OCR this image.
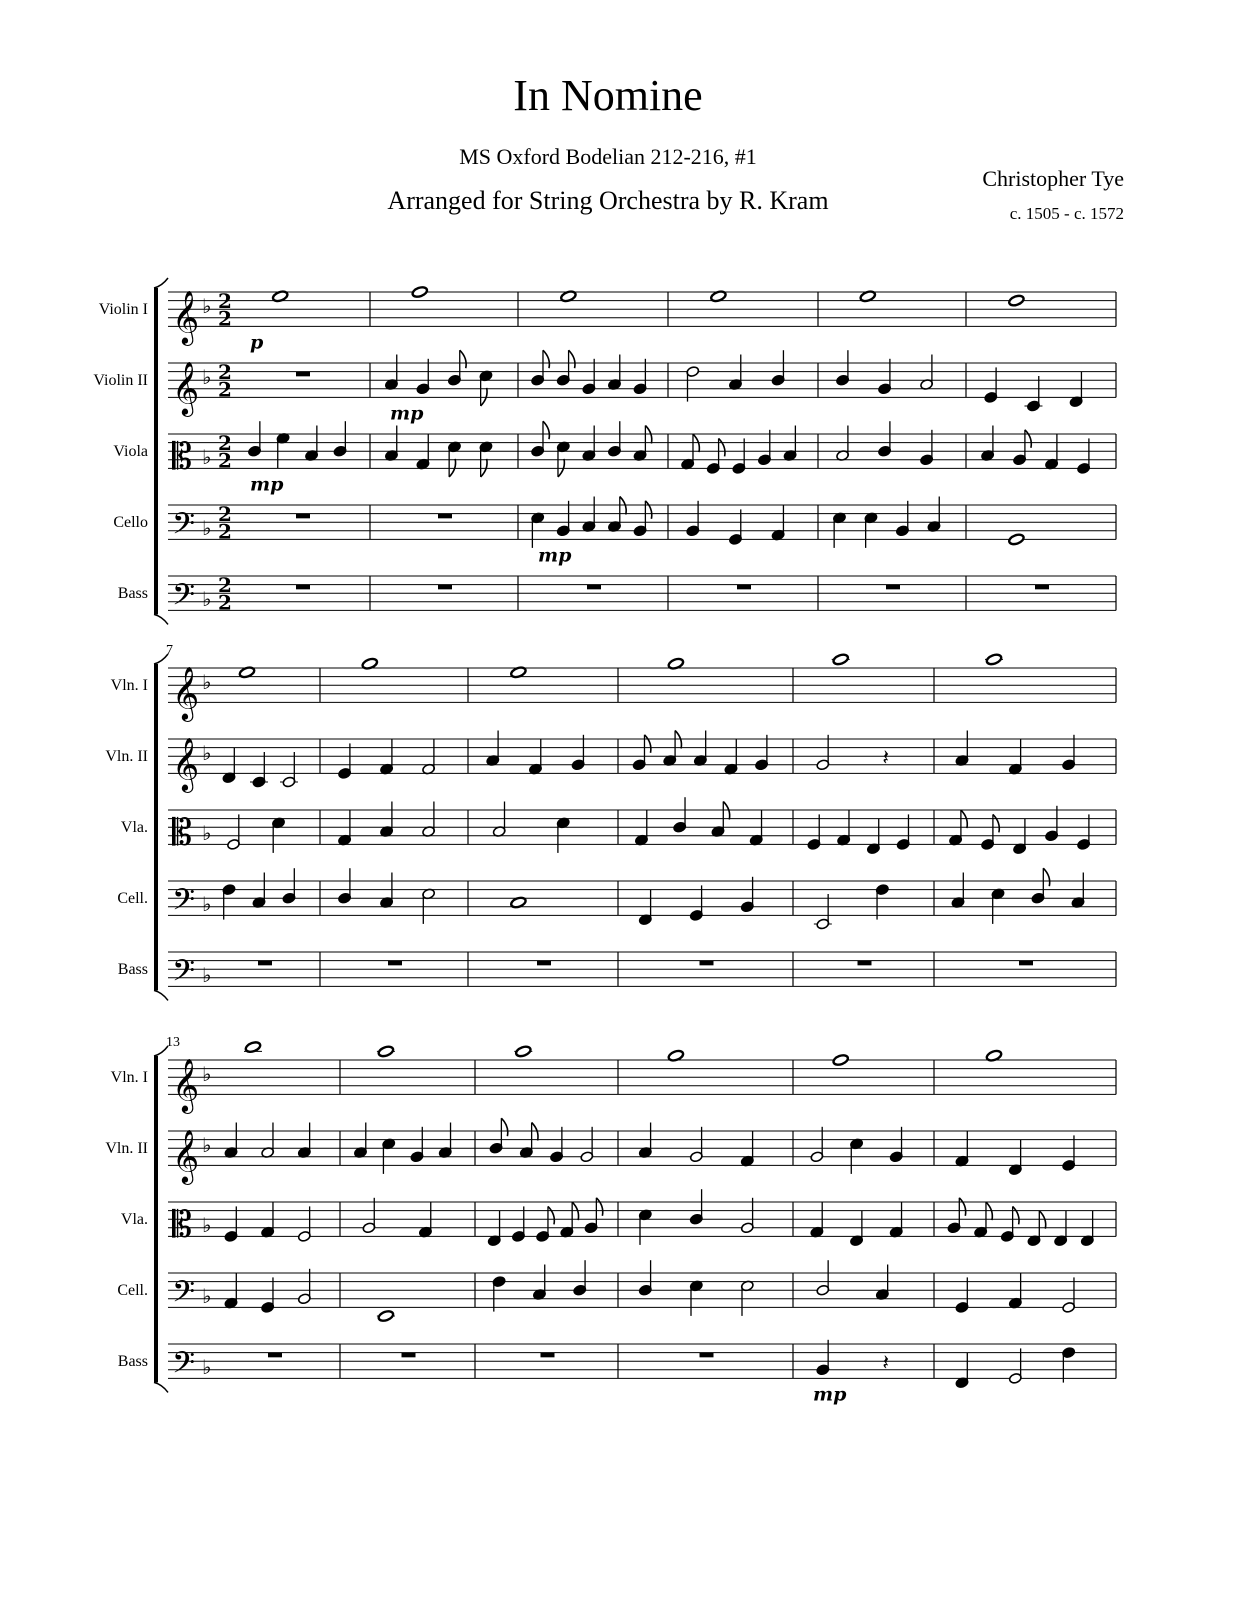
In Nomine
MS Oxford Bodelian 212-216, #1
Arranged for String Orchestra by R. Kram
Christopher Tye
c. 1505 - c. 1572
Violin I 𝄞 ♭ 2
2
Violin II 𝄞 ♭ 2
2
Viola 𝄡 ♭
2
2
Cello 𝄢 ♭
2
2
Bass 𝄢 ♭
2
2
p
mp
mp
mp
7
Vln. I 𝄞 ♭
Vln. II 𝄞 ♭	𝄽
Vla. 𝄡 ♭
Cell. 𝄢 ♭
Bass 𝄢 ♭
13
Vln. I 𝄞 ♭
Vln. II 𝄞 ♭
Vla. 𝄡 ♭
Cell. 𝄢 ♭
Bass 𝄢 ♭	𝄽
mp
